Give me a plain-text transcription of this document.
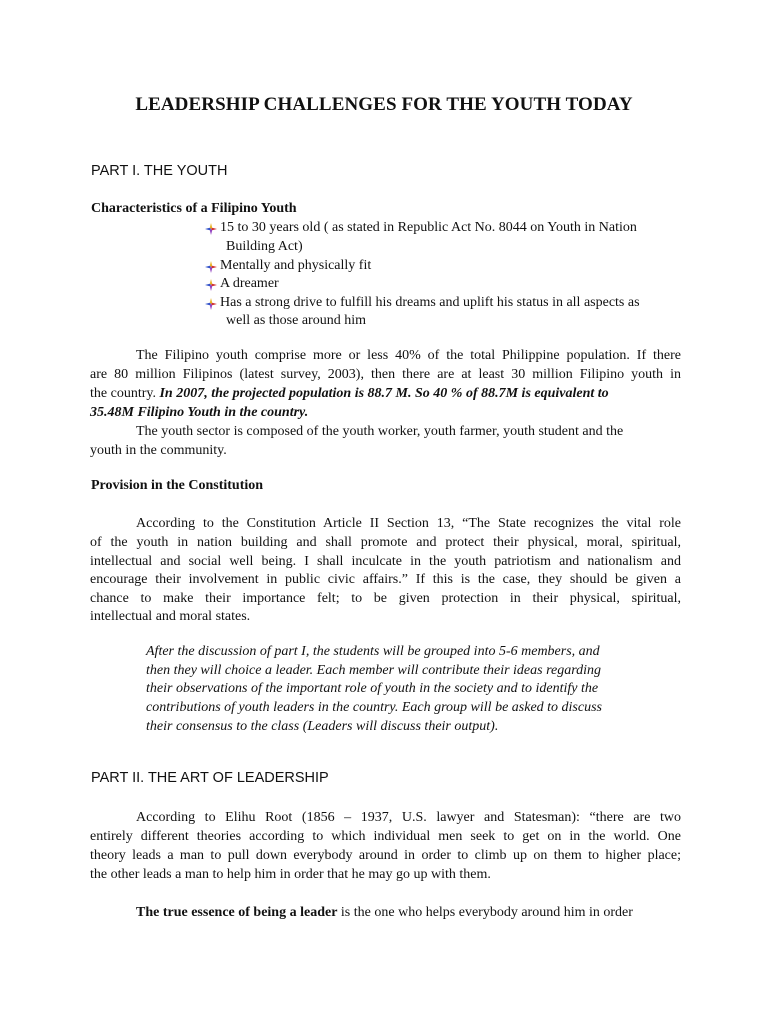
LEADERSHIP CHALLENGES FOR THE YOUTH TODAY
PART I. THE YOUTH
Characteristics of a Filipino Youth
15 to 30 years old ( as stated in Republic Act No. 8044 on Youth in Nation
Building Act)
Mentally and physically fit
A dreamer
Has a strong drive to fulfill his dreams and uplift his status in all aspects as
well as those around him
The Filipino youth comprise more or less 40% of the total Philippine population. If there
are 80 million Filipinos (latest survey, 2003), then there are at least 30 million Filipino youth in
the country. In 2007, the projected population is 88.7 M. So 40 % of 88.7M is equivalent to
35.48M Filipino Youth in the country.
The youth sector is composed of the youth worker, youth farmer, youth student and the
youth in the community.
Provision in the Constitution
According to the Constitution Article II Section 13, “The State recognizes the vital role
of the youth in nation building and shall promote and protect their physical, moral, spiritual,
intellectual and social well being. I shall inculcate in the youth patriotism and nationalism and
encourage their involvement in public civic affairs.” If this is the case, they should be given a
chance to make their importance felt; to be given protection in their physical, spiritual,
intellectual and moral states.
After the discussion of part I, the students will be grouped into 5-6 members, and
then they will choice a leader. Each member will contribute their ideas regarding
their observations of the important role of youth in the society and to identify the
contributions of youth leaders in the country. Each group will be asked to discuss
their consensus to the class (Leaders will discuss their output).
PART II. THE ART OF LEADERSHIP
According to Elihu Root (1856 – 1937, U.S. lawyer and Statesman): “there are two
entirely different theories according to which individual men seek to get on in the world. One
theory leads a man to pull down everybody around in order to climb up on them to higher place;
the other leads a man to help him in order that he may go up with them.
The true essence of being a leader is the one who helps everybody around him in order
